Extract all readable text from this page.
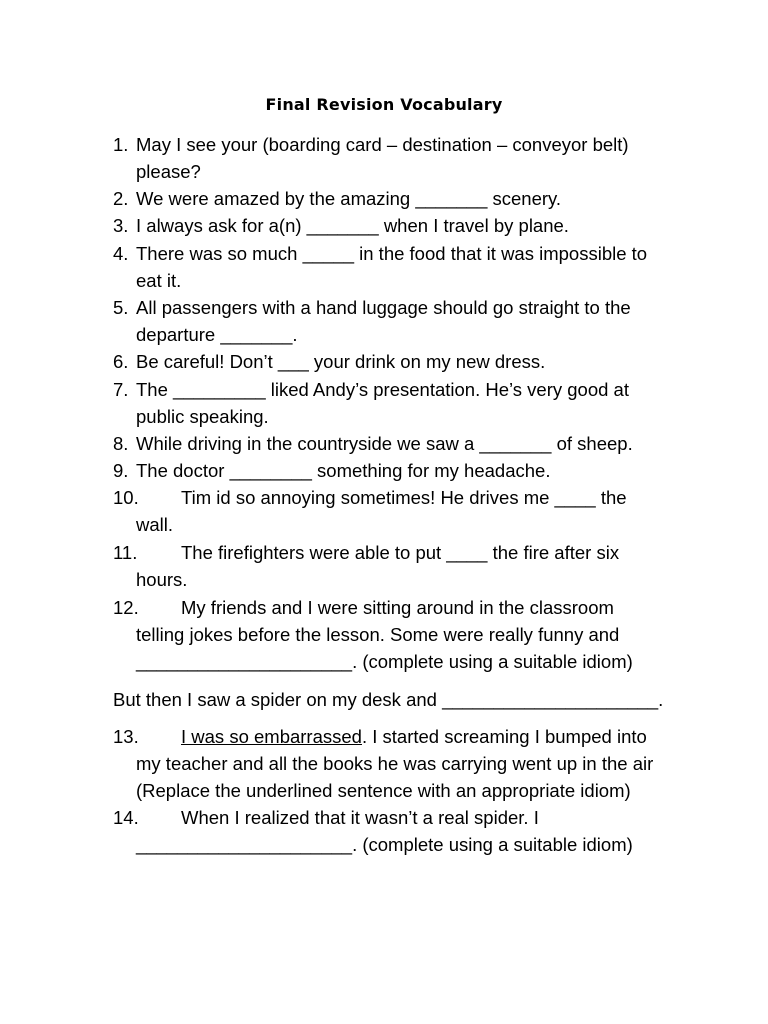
Final Revision Vocabulary
1. May I see your (boarding card – destination – conveyor belt)
please?
2. We were amazed by the amazing _______ scenery.
3. I always ask for a(n) _______ when I travel by plane.
4. There was so much _____ in the food that it was impossible to
eat it.
5. All passengers with a hand luggage should go straight to the
departure _______.
6. Be careful! Don’t ___ your drink on my new dress.
7. The _________ liked Andy’s presentation. He’s very good at
public speaking.
8. While driving in the countryside we saw a _______ of sheep.
9. The doctor ________ something for my headache.
10.	Tim id so annoying sometimes! He drives me ____ the
wall.
11.	The firefighters were able to put ____ the fire after six
hours.
12.	My friends and I were sitting around in the classroom
telling jokes before the lesson. Some were really funny and
_____________________. (complete using a suitable idiom)
But then I saw a spider on my desk and _____________________.
13.	I was so embarrassed. I started screaming I bumped into
my teacher and all the books he was carrying went up in the air
(Replace the underlined sentence with an appropriate idiom)
14.	When I realized that it wasn’t a real spider. I
_____________________. (complete using a suitable idiom)
